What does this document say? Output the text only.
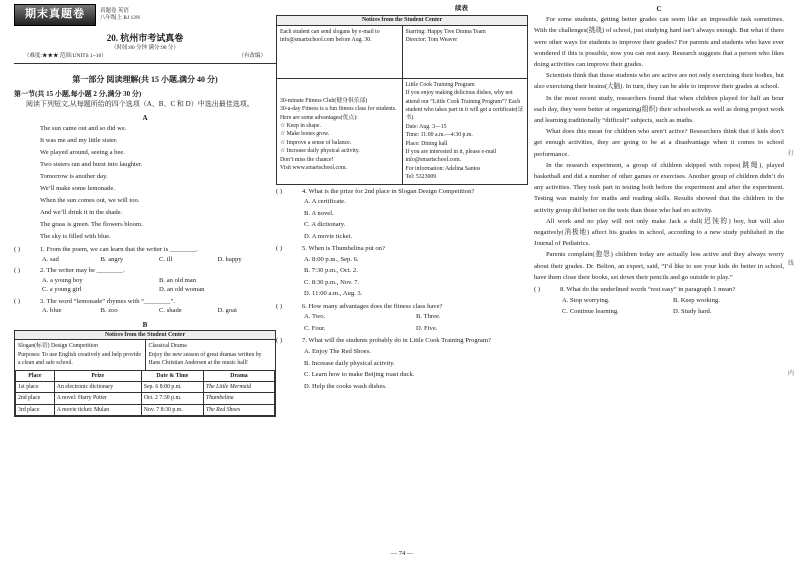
期末真题卷	真题卷 英语
八年级上 RJ 12N
20. 杭州市考试真卷
（时间:80 分钟 满分:90 分）
（难度:★★★ 范围:UNITS 1~10）	（有改编）
第一部分 阅读理解(共 15 小题,满分 40 分)
第一节(共 15 小题,每小题 2 分,满分 30 分)
阅读下列短文,从每题所给的四个选项（A、B、C 和 D）中选出最佳选项。
A
The sun came out and so did we.
It was me and my little sister.
We played around, seeing a bee.
Two sisters ran and burst into laughter.
Tomorrow is another day.
We’ll make some lemonade.
When the sun comes out, we will too.
And we’ll drink it in the shade.
The grass is green. The flowers bloom.
The sky is filled with blue.
( )	1. From the poem, we can learn that the writer is ________.
A. sad	B. angry	C. ill	D. happy
( )	2. The writer may be ________.
A. a young boy	B. an old man
C. a young girl	D. an old woman
( )	3. The word “lemonade” rhymes with “________”.
A. blue	B. zoo	C. shade	D. goat
B
Notices from the Student Center
Slogan(标语) Design Competition
Purposes: To use English creatively and help provide a clean and safe school.
Classical Drama
Enjoy the new season of great dramas written by Hans Christian Andersen at the music hall!
Place	Prize	Date & Time	Drama
1st place	An electronic dictionary	Sep. 6 8:00 p.m.	The Little Mermaid
2nd place	A novel: Harry Potter	Oct. 2 7:30 p.m.	Thumbelina
3rd place	A movie ticket: Mulan	Nov. 7 8:30 p.m.	The Red Shoes
续表
Notices from the Student Center
Each student can send slogans by e-mail to info@smartschool.com before Aug. 30.
Starring: Happy Tree Drama Team
Director: Tom Weaver
30-minute Fitness Club(健身俱乐部)
30-a-day Fitness is a fun fitness class for students. Here are some advantages(优点):
☆ Keep in shape.
☆ Make bones grow.
☆ Improve a sense of balance.
☆ Increase daily physical activity.
Don’t miss the chance!
Visit www.smartschool.com.
Little Cook Training Program
If you enjoy making delicious dishes, why not attend our “Little Cook Training Program”? Each student who takes part in it will get a certificate(证书).
Date: Aug. 3—15
Time: 11:00 a.m.—4:30 p.m.
Place: Dining hall
If you are interested in it, please e-mail info@smartschool.com.
For information: Adelina Santos
Tel: 5323009
( )	4. What is the prize for 2nd place in Slogan Design Competition?
A. A certificate.
B. A novel.
C. A dictionary.
D. A movie ticket.
( )	5. When is Thumbelina put on?
A. 8:00 p.m., Sep. 6.
B. 7:30 p.m., Oct. 2.
C. 8:30 p.m., Nov. 7.
D. 11:00 a.m., Aug. 3.
( )	6. How many advantages does the fitness class have?
A. Two.	B. Three.
C. Four.	D. Five.
( )	7. What will the students probably do in Little Cook Training Program?
A. Enjoy The Red Shoes.
B. Increase daily physical activity.
C. Learn how to make Beijing roast duck.
D. Help the cooks wash dishes.
— 74 —
C
For some students, getting better grades can seem like an impossible task sometimes. With the challenges(挑战) of school, just studying hard isn’t always enough. But what if there were other ways for students to improve their grades? For parents and students who have ever wondered if this is possible, now you can rest easy. Research suggests that a person who likes doing activities can improve their grades.
Scientists think that those students who are active are not only exercising their bodies, but also exercising their brains(大脑). In turn, they can be able to improve their grades at school.
In the most recent study, researchers found that when children played for half an hour each day, they were better at organizing(组织) their schoolwork as well as doing project work and learning traditionally “difficult” subjects, such as maths.
What does this mean for children who aren’t active? Researchers think that if kids don’t get enough activities, they are going to be at a disadvantage when it comes to school performance.
In the research experiment, a group of children skipped with ropes(跳绳), played basketball and did a number of other games or exercises. Another group of children didn’t do any activities. They took part in testing both before the experiment and after the experiment. Testing was mainly for maths and reading skills. Results showed that the children in the activity group did better on the tests than those who had no activity.
All work and no play will not only make Jack a dull(迟钝的) boy, but will also negatively(消极地) affect his grades in school, according to a new study published in the Journal of Pediatrics.
Parents complain(抱怨) children today are actually less active and they always worry about their grades. Dr. Belton, an expert, said, “I’d like to see your kids do better in school, have them close their books, set down their pencils and go outside to play.”
( )	8. What do the underlined words “rest easy” in paragraph 1 mean?
A. Stop worrying.	B. Keep working.
C. Continue learning.	D. Study hard.
打
线
内
